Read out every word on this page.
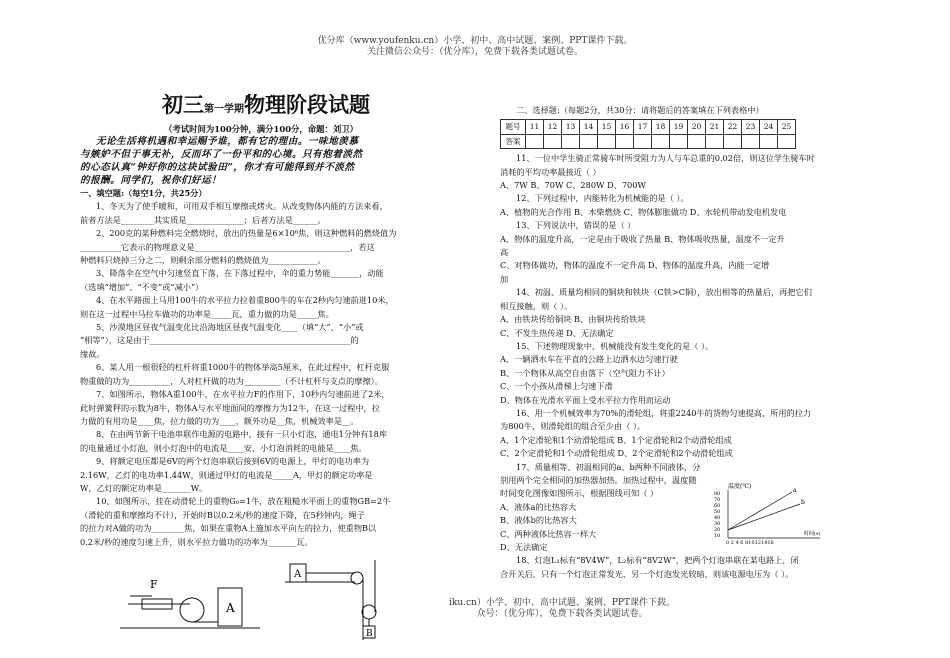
优分库（www.youfenku.cn）小学、初中、高中试题、案例、PPT课件下载。
关注微信公众号：（优分库），免费下载各类试题试卷。
初三第一学期物理阶段试题
（考试时间为100分钟，满分100分，命题：刘卫）

无论生活将机遇和幸运赐予谁，都有它的理由。一味地羡慕

与嫉妒不但于事无补，反而坏了一份平和的心境。只有抱着淡然

的心态认真“钟好你的这块试验田”，你才有可能得到并不淡然

的报酬。同学们，祝你们好运！

一、填空题:（每空1分，共25分）

1、冬天为了使手暖和，可用双手相互摩擦或烤火。从改变物体内能的方法来看，

前者方法是________其实质是______________；后者方法是______。

2、200克的某种燃料完全燃烧时，放出的热量是6×10⁶焦，则这种燃料的燃烧值为

__________它表示的物理意义是______________________________________，若这

种燃料只烧掉三分之二，则剩余部分燃料的燃烧值为____________。

3、降落伞在空气中匀速竖直下落，在下落过程中，伞的重力势能_______，动能

（选填“增加”、“不变”或“减小”）

4、在水平路面上马用100牛的水平拉力拉着重800牛的车在2秒内匀速前进10米，

则在这一过程中马拉车做功的功率是_____瓦，重力做的功是_____焦。

5、沙漠地区昼夜气温变化比沿海地区昼夜气温变化____（填“大”、“小”或

“相等”），这是由于_________________________________________________的

缘故。

6、某人用一根很轻的杠杆将重1000牛的物体举高5厘米，在此过程中，杠杆克服

物重做的功为__________，人对杠杆做的功为_________（不计杠杆与支点的摩擦）。

7、如图所示，物体A重100牛，在水平拉力F的作用下，10秒内匀速前进了2米，

此时弹簧秤的示数为8牛，物体A与水平地面间的摩擦力为12牛，在这一过程中，拉

力做的有用功是____焦，拉力做的功为____，额外功是__焦，机械效率是__。

8、在由两节新干电池串联作电源的电路中，接有一只小灯泡，通电1分钟有18库

的电量通过小灯泡，则小灯泡中的电流是____安，小灯泡消耗的电能是____焦。

9、将额定电压都是6V的两个灯泡串联后接到6V的电源上，甲灯的电功率为

2.16W，乙灯的电功率1.44W，则通过甲灯的电流是_____A，甲灯的额定功率是

W，乙灯的额定功率是_______W。

10、如图所示，挂在动滑轮上的重物G₀=1牛，放在粗糙水平面上的重物GB=2牛

（滑轮的重和摩擦均不计），开始时B以0.2米/秒的速度下降，在5秒钟内，绳子

的拉力对A做的功为________焦，如果在重物A上施加水平向左的拉力，使重物B以

0.2米/秒的速度匀速上升，则水平拉力做功的功率为_______瓦。

F
A
A
B

二、选择题:（每题2分，共30分：请将题后的答案填在下列表格中）

题号	11	12	13	14	15	16	17	18	19	20	21	22	23	24	25
答案															

11、一位中学生骑正常骑车时所受阻力为人与车总重的0.02倍，则这位学生骑车时

消耗的平均功率最接近（ ）

A、7W B、70W C、280W D、700W

12、下列过程中，内能转化为机械能的是（ ）。

A、植物的光合作用 B、木柴燃烧 C、物体膨胀做功 D、水轮机带动发电机发电

13、下列说法中，错误的是（ ）

A、物体的温度升高，一定是由于吸收了热量 B、物体吸收热量，温度不一定升

高

C、对物体做功，物体的温度不一定升高 D、物体的温度升高，内能一定增

加

14、初温、质量均相同的铜块和铁块（C铁>C铜），放出相等的热量后，再把它们

相互接触，则（ ）。

A、由铁块传给铜块 B、由铜块传给铁块

C、不发生热传递 D、无法确定

15、下述物理现象中，机械能没有发生变化的是（ ）。

A、一辆洒水车在平直的公路上边洒水边匀速行驶

B、一个物体从高空自由落下（空气阻力不计）

C、一个小孩从滑梯上匀速下滑

D、物体在光滑水平面上受水平拉力作用而运动

16、用一个机械效率为70%的滑轮组，将重2240牛的货物匀速提高，所用的拉力

为800牛，则滑轮组的组合至少由（ ）。

A、1个定滑轮和1个动滑轮组成 B、1个定滑轮和2个动滑轮组成

C、2个定滑轮和1个动滑轮组成 D、2个定滑轮和2个动滑轮组成

17、质量相等、初温相同的a、b两种不同液体，分

别用两个完全相同的加热器加热。加热过程中，温度随

时间变化图像如图所示，根据图线可知（ ）

A、液体a的比热容大

B、液体b的比热容大

C、两种液体比热容一样大

D、无法确定

18、灯泡L₁标有“8V4W”，L₂标有“8V2W”，把两个灯泡串联在某电路上，闭

合开关后，只有一个灯泡正常发光，另一个灯泡发光较暗，则该电源电压为（ ）。

温度(℃)
80
70
60
50
40
30
20
10
a
b
0 2 4 6 810121416
时间(s)
iku.cn）小学、初中、高中试题、案例、PPT课件下载。
众号：（优分库），免费下载各类试题试卷。
